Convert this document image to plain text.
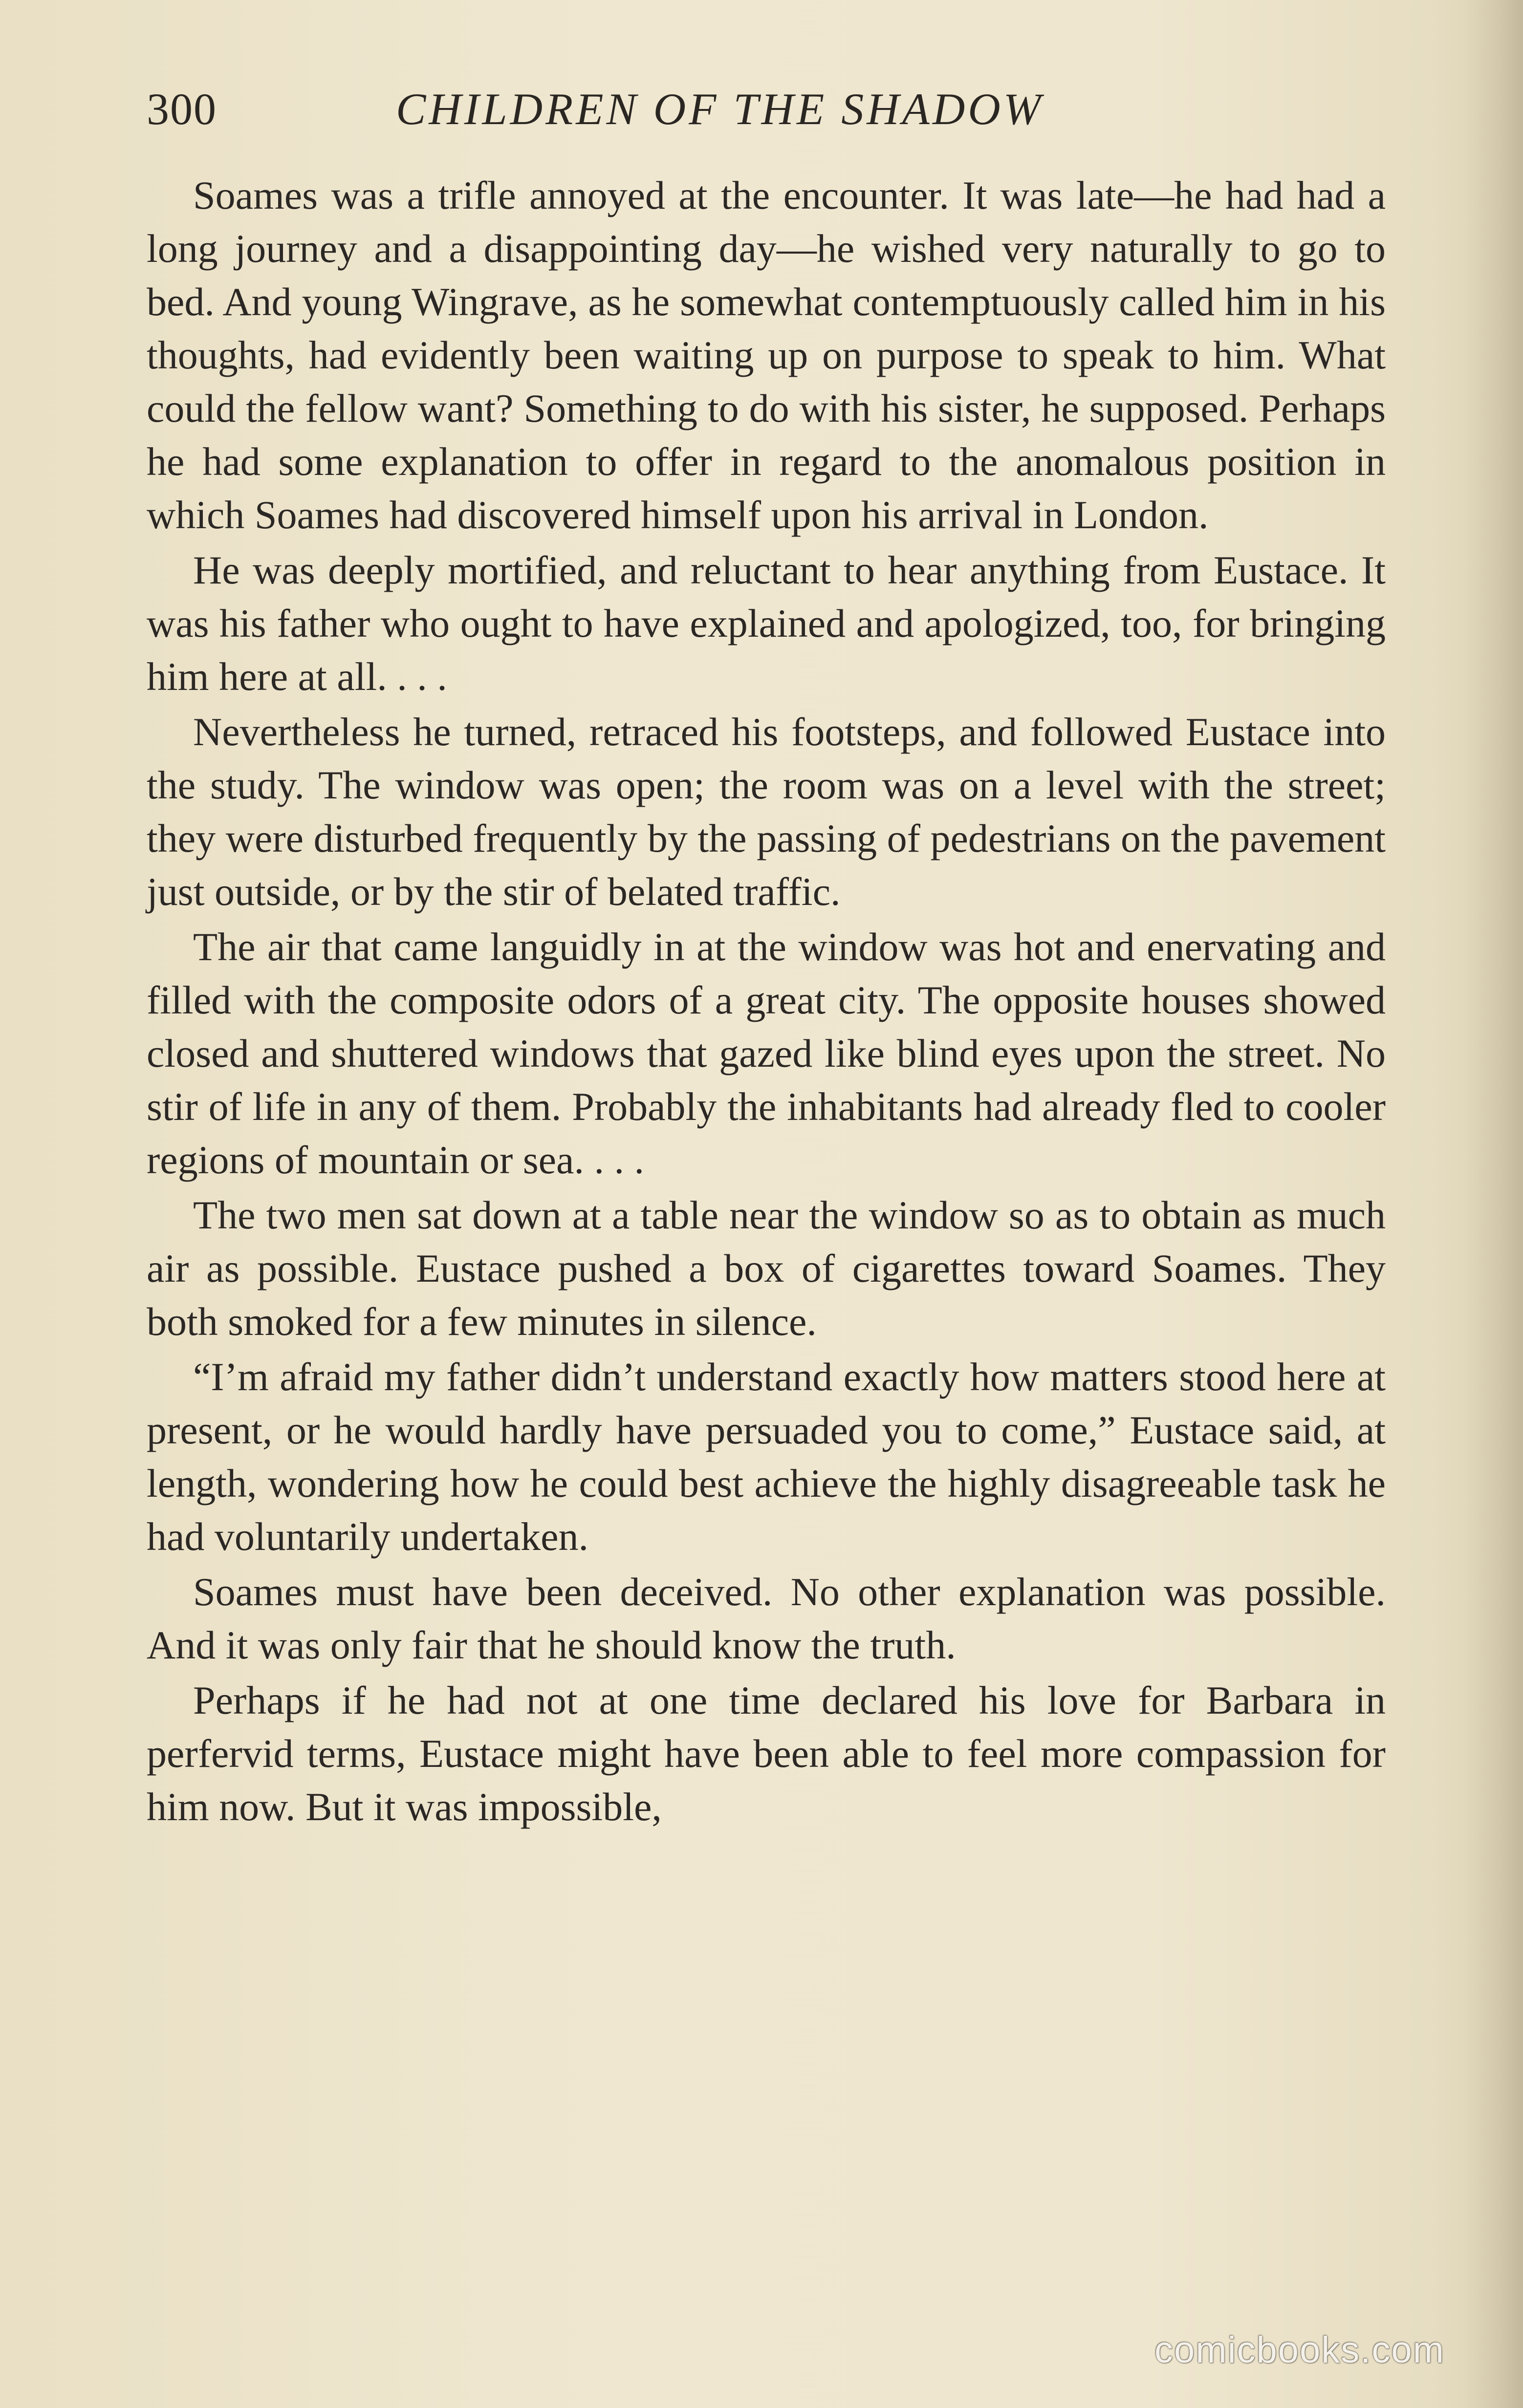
300	CHILDREN OF THE SHADOW

Soames was a trifle annoyed at the encounter. It was late—he had had a long journey and a disappointing day—he wished very naturally to go to bed. And young Wingrave, as he somewhat contemptuously called him in his thoughts, had evidently been waiting up on purpose to speak to him. What could the fellow want? Something to do with his sister, he supposed. Perhaps he had some explanation to offer in regard to the anomalous position in which Soames had discovered himself upon his arrival in London.

He was deeply mortified, and reluctant to hear anything from Eustace. It was his father who ought to have explained and apologized, too, for bringing him here at all. . . .

Nevertheless he turned, retraced his footsteps, and followed Eustace into the study. The window was open; the room was on a level with the street; they were disturbed frequently by the passing of pedestrians on the pavement just outside, or by the stir of belated traffic.

The air that came languidly in at the window was hot and enervating and filled with the composite odors of a great city. The opposite houses showed closed and shuttered windows that gazed like blind eyes upon the street. No stir of life in any of them. Probably the inhabitants had already fled to cooler regions of mountain or sea. . . .

The two men sat down at a table near the window so as to obtain as much air as possible. Eustace pushed a box of cigarettes toward Soames. They both smoked for a few minutes in silence.

“I’m afraid my father didn’t understand exactly how matters stood here at present, or he would hardly have persuaded you to come,” Eustace said, at length, wondering how he could best achieve the highly disagreeable task he had voluntarily undertaken.

Soames must have been deceived. No other explanation was possible. And it was only fair that he should know the truth.

Perhaps if he had not at one time declared his love for Barbara in perfervid terms, Eustace might have been able to feel more compassion for him now. But it was impossible,

comicbooks.com
